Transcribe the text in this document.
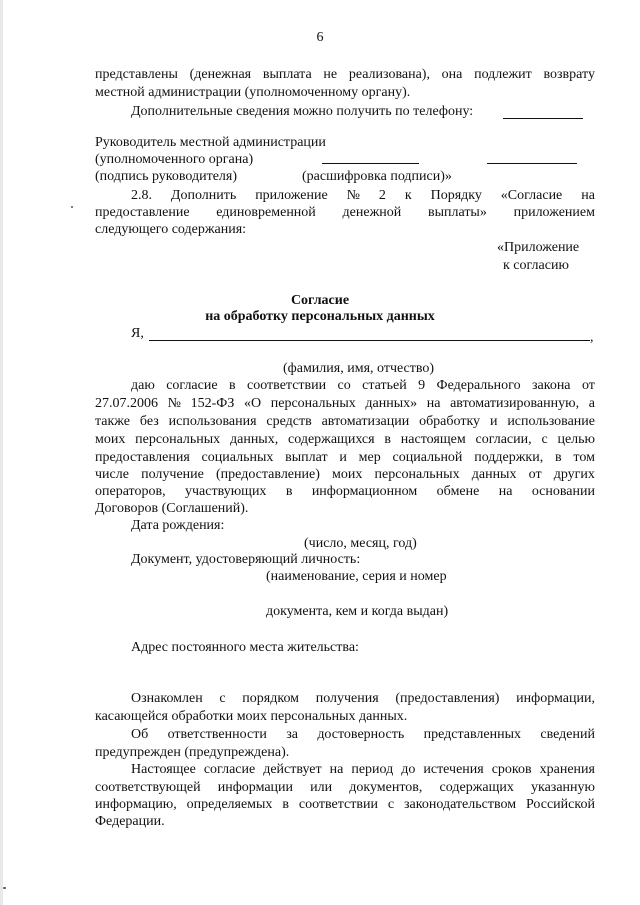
6
представлены (денежная выплата не реализована), она подлежит возврату
местной администрации (уполномоченному органу).
Дополнительные сведения можно получить по телефону:
Руководитель местной администрации
(уполномоченного органа)
(подпись руководителя)	(расшифровка подписи)»
2.8. Дополнить приложение № 2 к Порядку «Согласие на
предоставление единовременной денежной выплаты» приложением
следующего содержания:
«Приложение
к согласию
Согласие
на обработку персональных данных
Я,	,
(фамилия, имя, отчество)
даю согласие в соответствии со статьей 9 Федерального закона от
27.07.2006 № 152-ФЗ «О персональных данных» на автоматизированную, а
также без использования средств автоматизации обработку и использование
моих персональных данных, содержащихся в настоящем согласии, с целью
предоставления социальных выплат и мер социальной поддержки, в том
числе получение (предоставление) моих персональных данных от других
операторов, участвующих в информационном обмене на основании
Договоров (Соглашений).
Дата рождения:
(число, месяц, год)
Документ, удостоверяющий личность:
(наименование, серия и номер
документа, кем и когда выдан)
Адрес постоянного места жительства:
Ознакомлен с порядком получения (предоставления) информации,
касающейся обработки моих персональных данных.
Об ответственности за достоверность представленных сведений
предупрежден (предупреждена).
Настоящее согласие действует на период до истечения сроков хранения
соответствующей информации или документов, содержащих указанную
информацию, определяемых в соответствии с законодательством Российской
Федерации.
